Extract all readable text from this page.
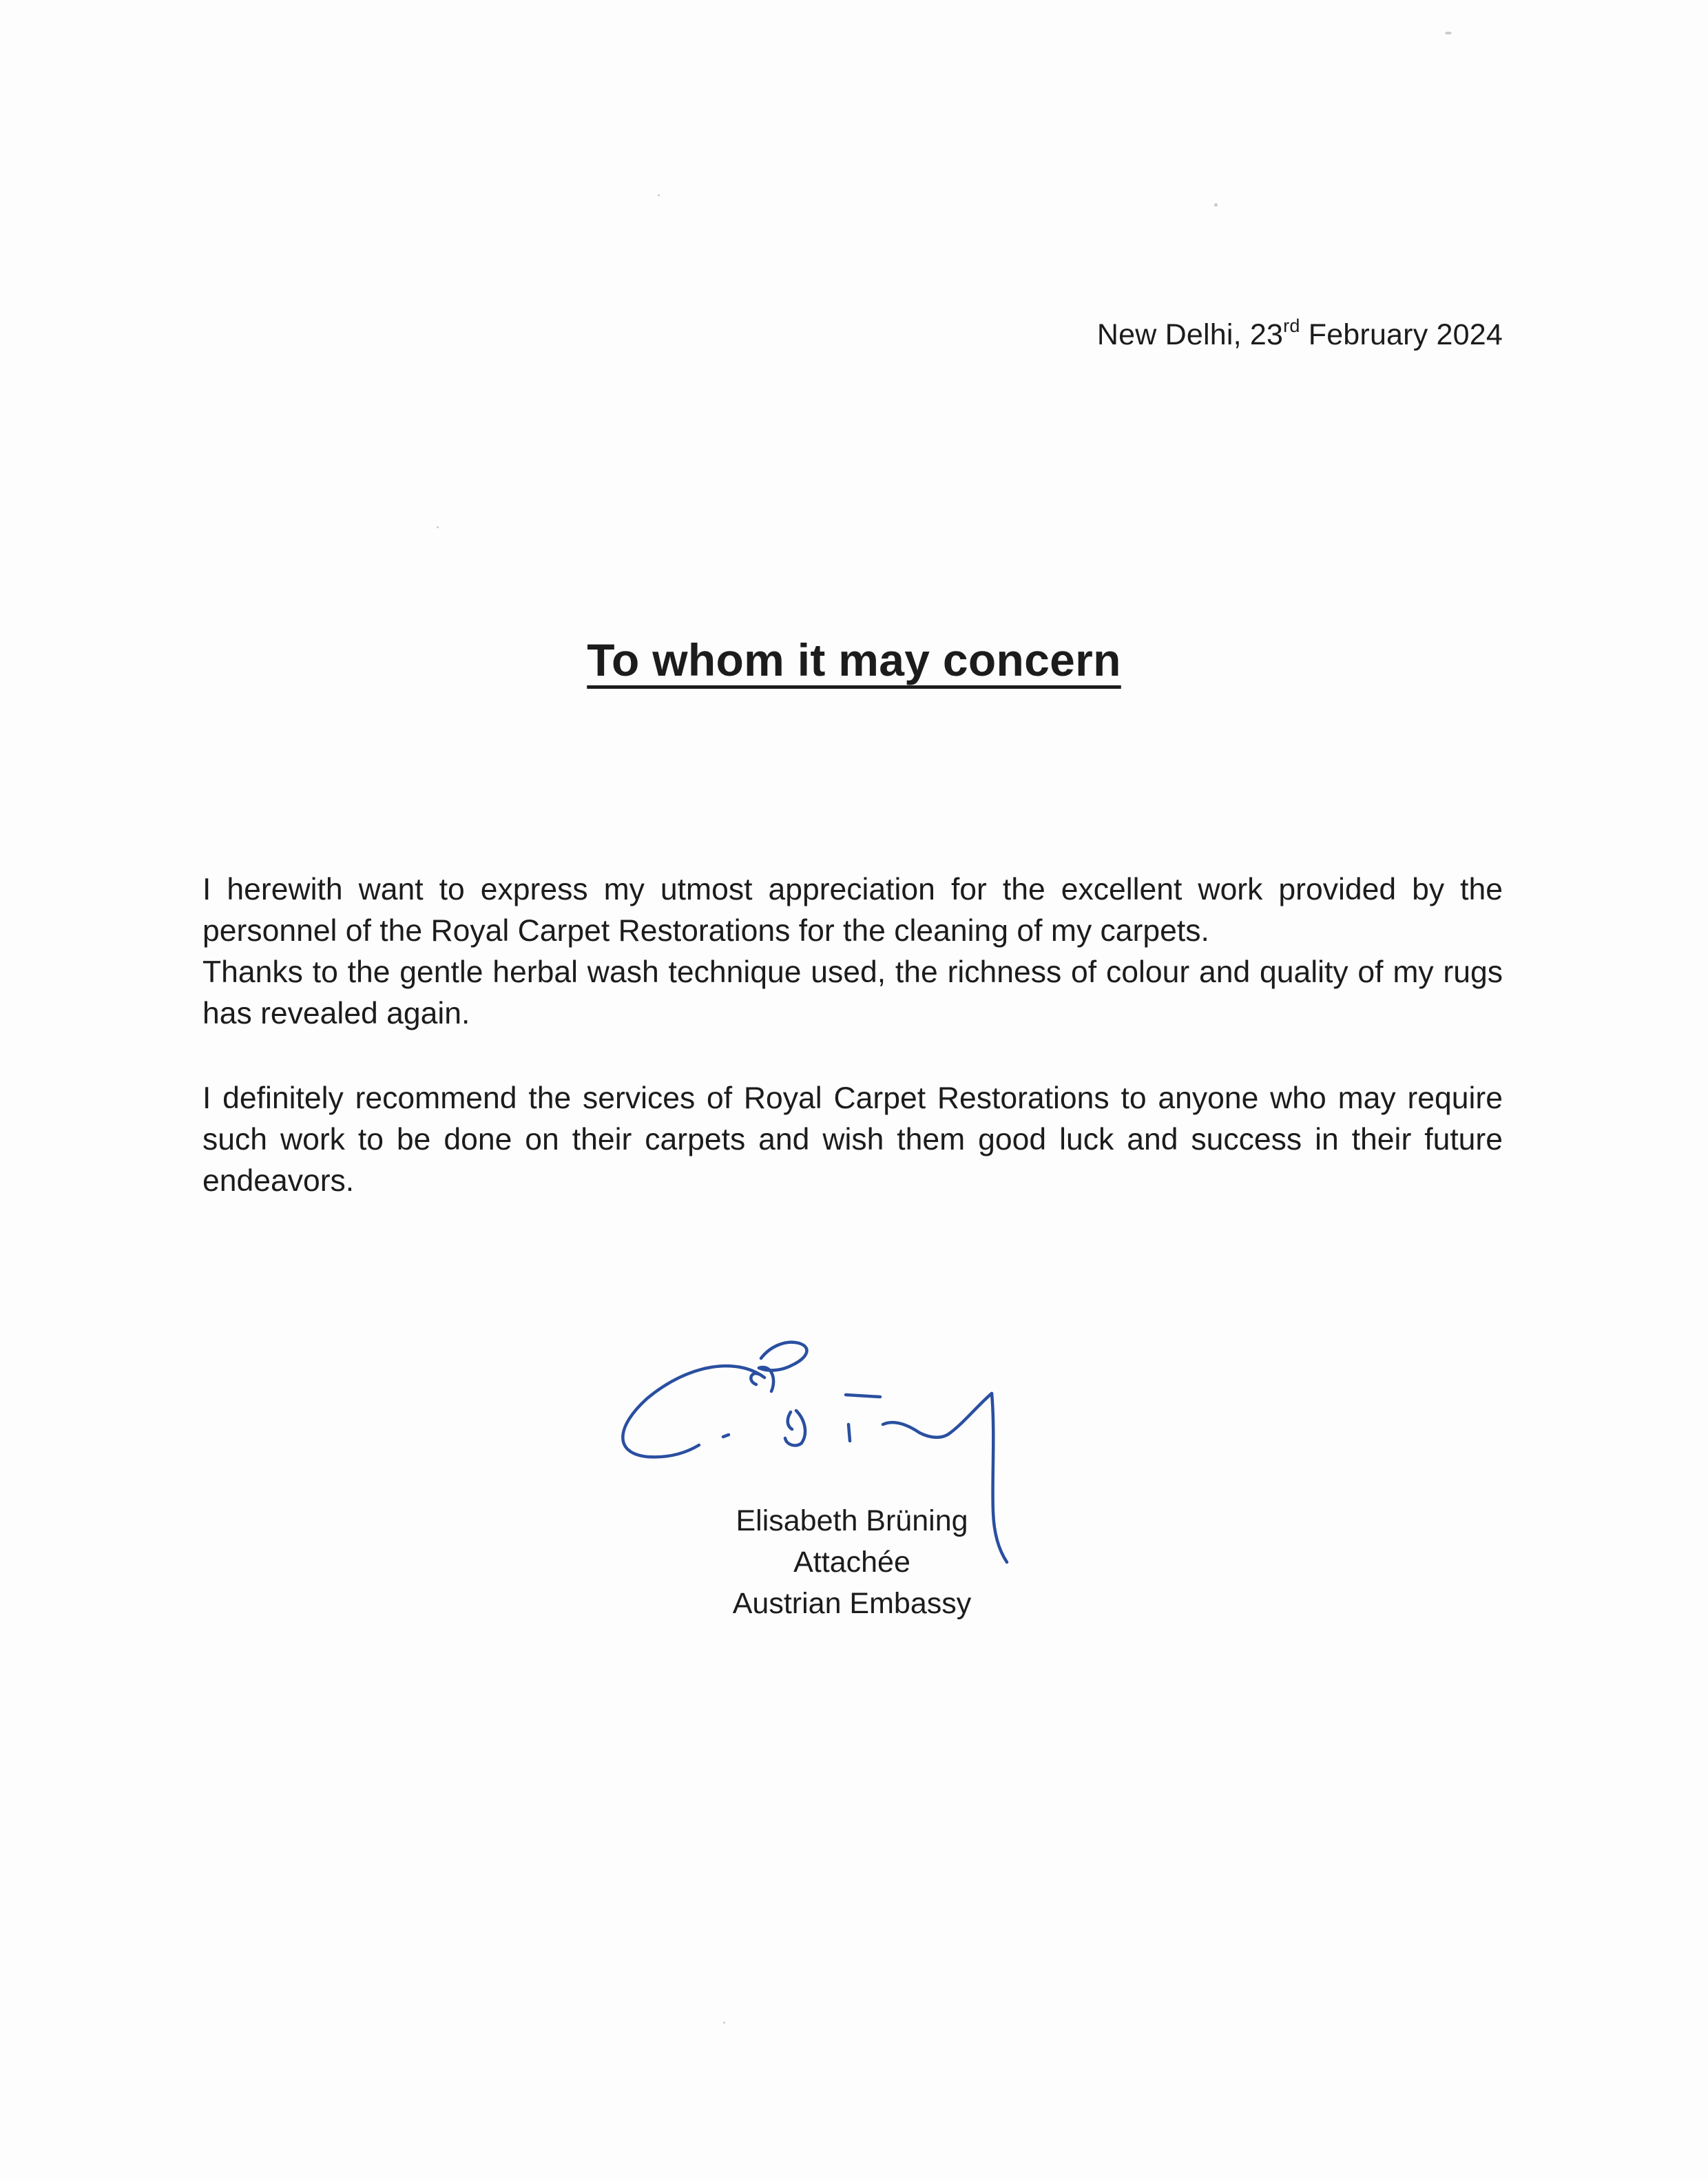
New Delhi, 23rd February 2024
To whom it may concern
I herewith want to express my utmost appreciation for the excellent work provided by the
personnel of the Royal Carpet Restorations for the cleaning of my carpets.
Thanks to the gentle herbal wash technique used, the richness of colour and quality of my rugs
has revealed again.
I definitely recommend the services of Royal Carpet Restorations to anyone who may require
such work to be done on their carpets and wish them good luck and success in their future
endeavors.
Elisabeth Brüning
Attachée
Austrian Embassy
